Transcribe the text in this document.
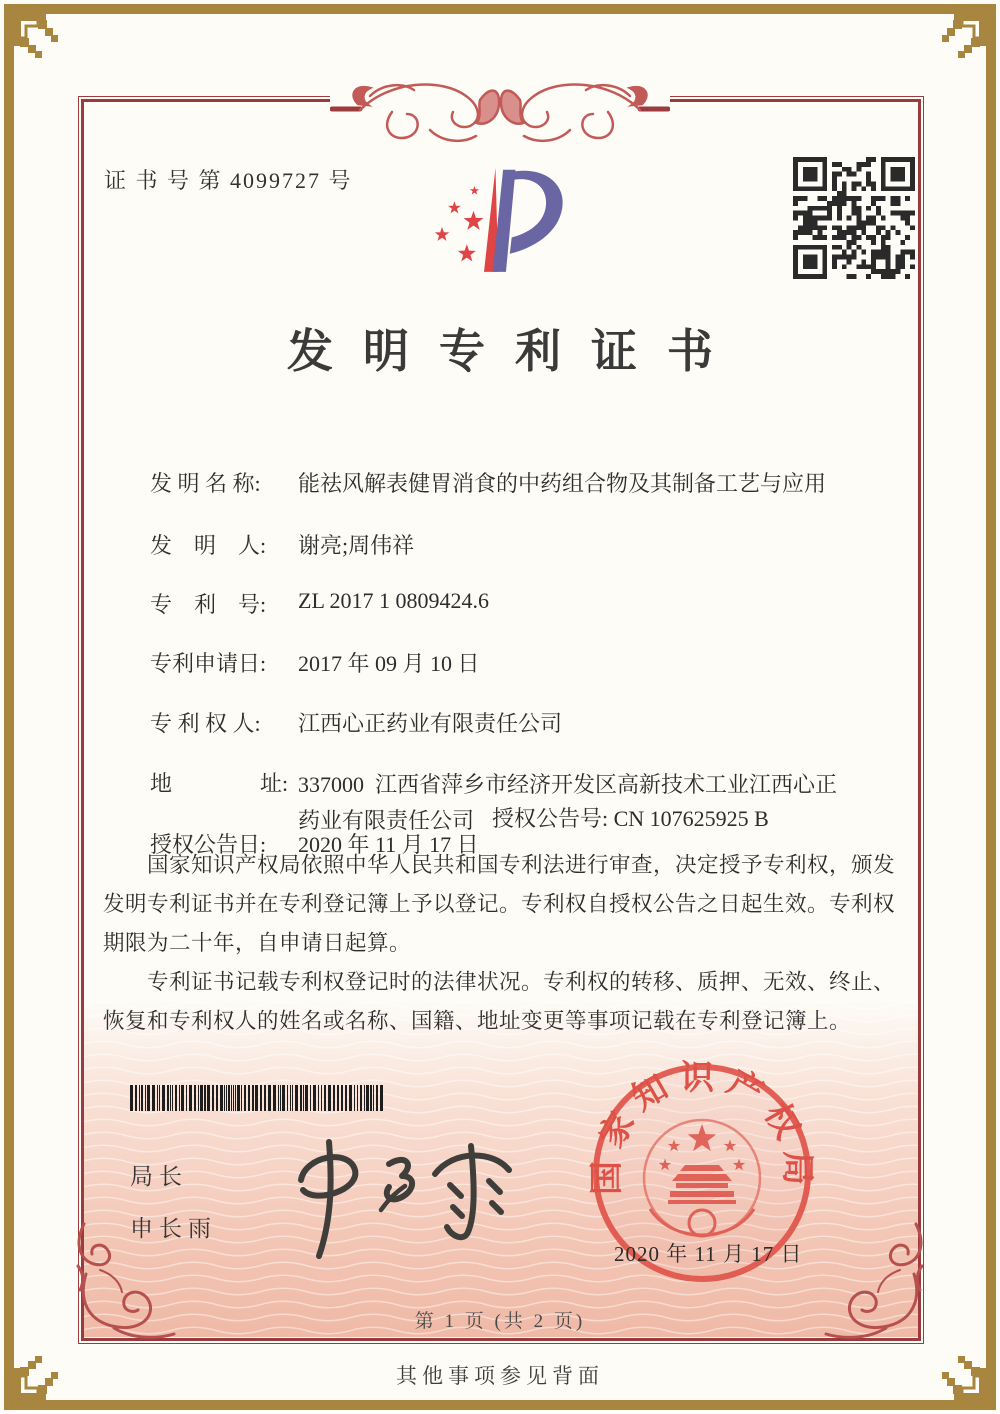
证 书 号 第 4099727 号
发明专利证书

发 明 名 称: 能祛风解表健胃消食的中药组合物及其制备工艺与应用

发　明　人: 谢亮;周伟祥

专　利　号: ZL 2017 1 0809424.6

专利申请日: 2017 年 09 月 10 日

专 利 权 人: 江西心正药业有限责任公司

地　　　　址: 337000  江西省萍乡市经济开发区高新技术工业江西心正
药业有限责任公司

授权公告日: 2020 年 11 月 17 日

授权公告号: CN 107625925 B

国家知识产权局依照中华人民共和国专利法进行审查，决定授予专利权，颁发发明专利证书并在专利登记簿上予以登记。专利权自授权公告之日起生效。专利权期限为二十年，自申请日起算。

专利证书记载专利权登记时的法律状况。专利权的转移、质押、无效、终止、恢复和专利权人的姓名或名称、国籍、地址变更等事项记载在专利登记簿上。

局长
申长雨
国家知识产权局
2020 年 11 月 17 日
第 1 页 (共 2 页)
其他事项参见背面
